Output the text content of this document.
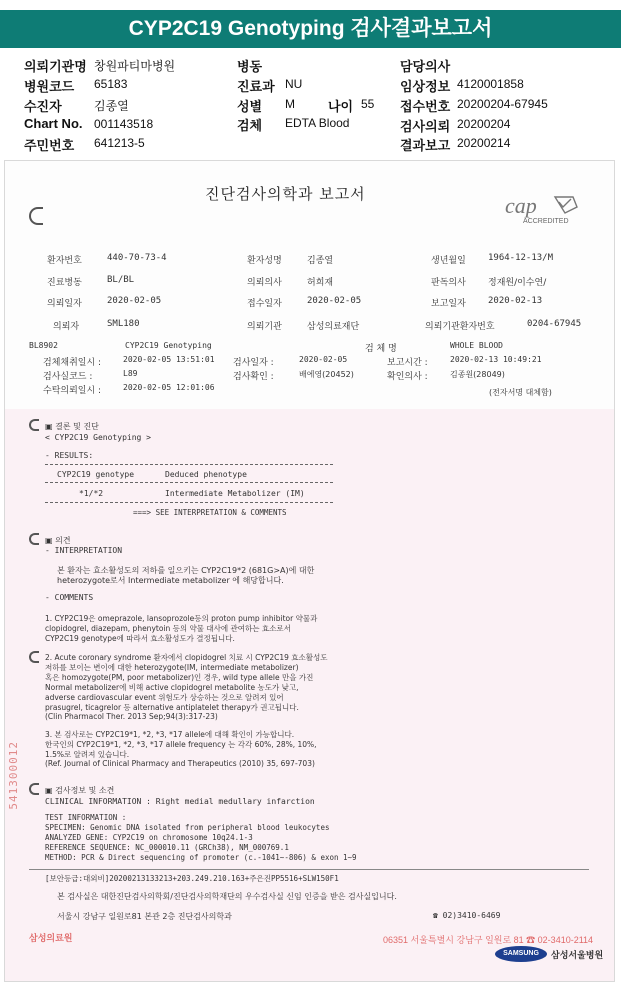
CYP2C19 Genotyping 검사결과보고서
의뢰기관명 창원파티마병원
병원코드 65183
수진자	김종열
Chart No. 001143518
주민번호 641213-5
병동
진료과 NU
성별 M	나이 55
검체 EDTA Blood
담당의사
임상정보 4120001858
접수번호 20200204-67945
검사의뢰 20200204
결과보고 20200214
진단검사의학과 보고서	cap
ACCREDITED
환자번호	440-70-73-4	환자성명	김종열	생년월일 1964-12-13/M
진료병동	BL/BL	의뢰의사	허희재	판독의사 정재원/이수연/
의뢰일자	2020-02-05	접수일자	2020-02-05	보고일자 2020-02-13
의뢰자	SML180	의뢰기관	삼성의료재단	의뢰기관환자번호	0204-67945
BL8902	CYP2C19 Genotyping	검 체 명	WHOLE BLOOD
검체채취일시 :	2020-02-05 13:51:01
검사실코드 :	L89
수탁의뢰일시 :	2020-02-05 12:01:06
검사일자 :	2020-02-05
검사확인 :	배에영(20452)
보고시간 :	2020-02-13 10:49:21
확인의사 :	김종원(28049)
(전자서명 대체함)
▣ 결론 및 진단
< CYP2C19 Genotyping >
- RESULTS:
CYP2C19 genotype	Deduced phenotype
*1/*2	Intermediate Metabolizer (IM)
===> SEE INTERPRETATION & COMMENTS
▣ 의견
- INTERPRETATION
본 환자는 효소활성도의 저하를 일으키는 CYP2C19*2 (681G>A)에 대한
heterozygote로서 Intermediate metabolizer 에 해당합니다.
- COMMENTS
1. CYP2C19은 omeprazole, lansoprozole등의 proton pump inhibitor 약물과
clopidogrel, diazepam, phenytoin 등의 약물 대사에 관여하는 효소로서
CYP2C19 genotype에 따라서 효소활성도가 결정됩니다.
2. Acute coronary syndrome 환자에서 clopidogrel 치료 시 CYP2C19 효소활성도
저하를 보이는 변이에 대한 heterozygote(IM, intermediate metabolizer)
혹은 homozygote(PM, poor metabolizer)인 경우, wild type allele 만을 가진
Normal metabolizer에 비해 active clopidogrel metabolite 농도가 낮고,
adverse cardiovascular event 위험도가 상승하는 것으로 알려져 있어
prasugrel, ticagrelor 등 alternative antiplatelet therapy가 권고됩니다.
(Clin Pharmacol Ther. 2013 Sep;94(3):317-23)
3. 본 검사로는 CYP2C19*1, *2, *3, *17 allele에 대해 확인이 가능합니다.
한국인의 CYP2C19*1, *2, *3, *17 allele frequency 는 각각 60%, 28%, 10%,
1.5%로 알려져 있습니다.
(Ref. Journal of Clinical Pharmacy and Therapeutics (2010) 35, 697-703)
▣ 검사정보 및 소견
CLINICAL INFORMATION : Right medial medullary infarction
TEST INFORMATION :
SPECIMEN: Genomic DNA isolated from peripheral blood leukocytes
ANALYZED GENE: CYP2C19 on chromosome 10q24.1-3
REFERENCE SEQUENCE: NC_000010.11 (GRCh38), NM_000769.1
METHOD: PCR & Direct sequencing of promoter (c.-1041~-806) & exon 1~9
[보안등급:대외비]20200213133213+203.249.210.163+주은진PP5516+SLW150F1
본 검사실은 대한진단검사의학회/진단검사의학재단의 우수검사실 신임 인증을 받은 검사실입니다.
서울시 강남구 일원로81 본관 2층 진단검사의학과	☎ 02)3410-6469
541300012
삼성의료원	06351 서울특별시 강남구 일원로 81 ☎ 02-3410-2114
SAMSUNG	삼성서울병원
